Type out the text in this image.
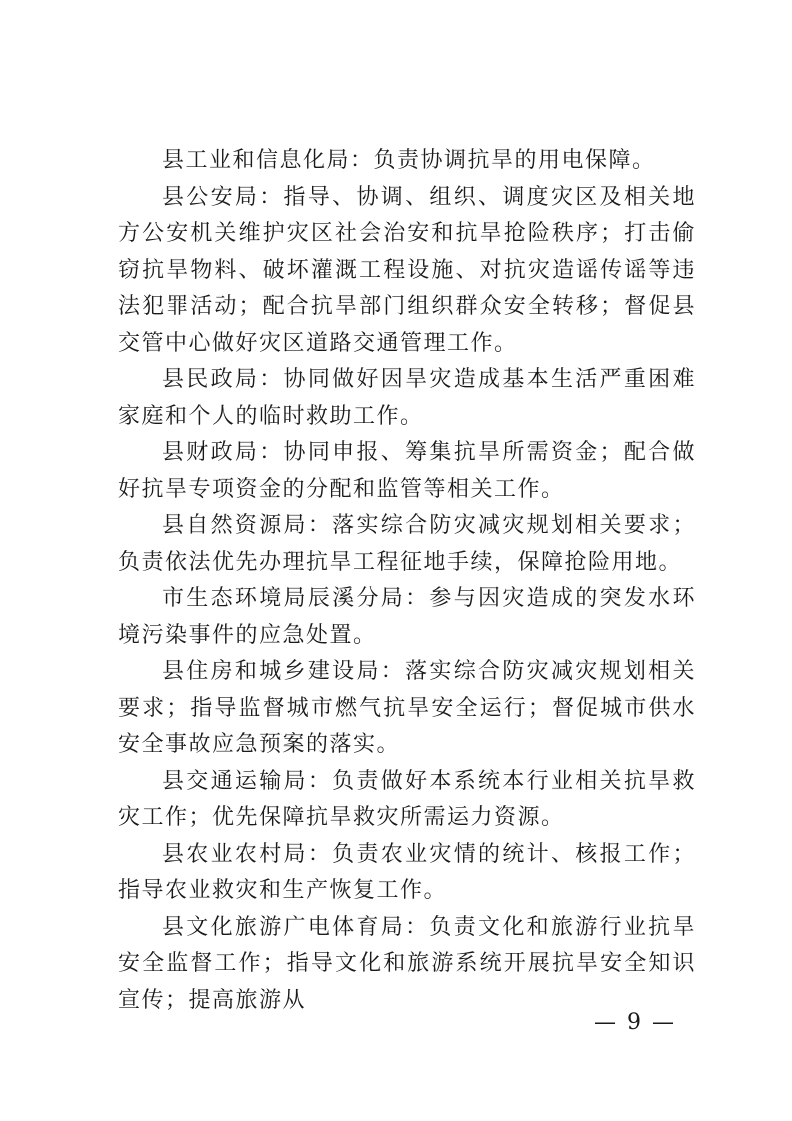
县工业和信息化局：负责协调抗旱的用电保障。

县公安局：指导、协调、组织、调度灾区及相关地方公安机关维护灾区社会治安和抗旱抢险秩序；打击偷窃抗旱物料、破坏灌溉工程设施、对抗灾造谣传谣等违法犯罪活动；配合抗旱部门组织群众安全转移；督促县交管中心做好灾区道路交通管理工作。

县民政局：协同做好因旱灾造成基本生活严重困难家庭和个人的临时救助工作。

县财政局：协同申报、筹集抗旱所需资金；配合做好抗旱专项资金的分配和监管等相关工作。

县自然资源局：落实综合防灾减灾规划相关要求；负责依法优先办理抗旱工程征地手续，保障抢险用地。

市生态环境局辰溪分局：参与因灾造成的突发水环境污染事件的应急处置。

县住房和城乡建设局：落实综合防灾减灾规划相关要求；指导监督城市燃气抗旱安全运行；督促城市供水安全事故应急预案的落实。

县交通运输局：负责做好本系统本行业相关抗旱救灾工作；优先保障抗旱救灾所需运力资源。

县农业农村局：负责农业灾情的统计、核报工作；指导农业救灾和生产恢复工作。

县文化旅游广电体育局：负责文化和旅游行业抗旱安全监督工作；指导文化和旅游系统开展抗旱安全知识宣传；提高旅游从

— 9 —
